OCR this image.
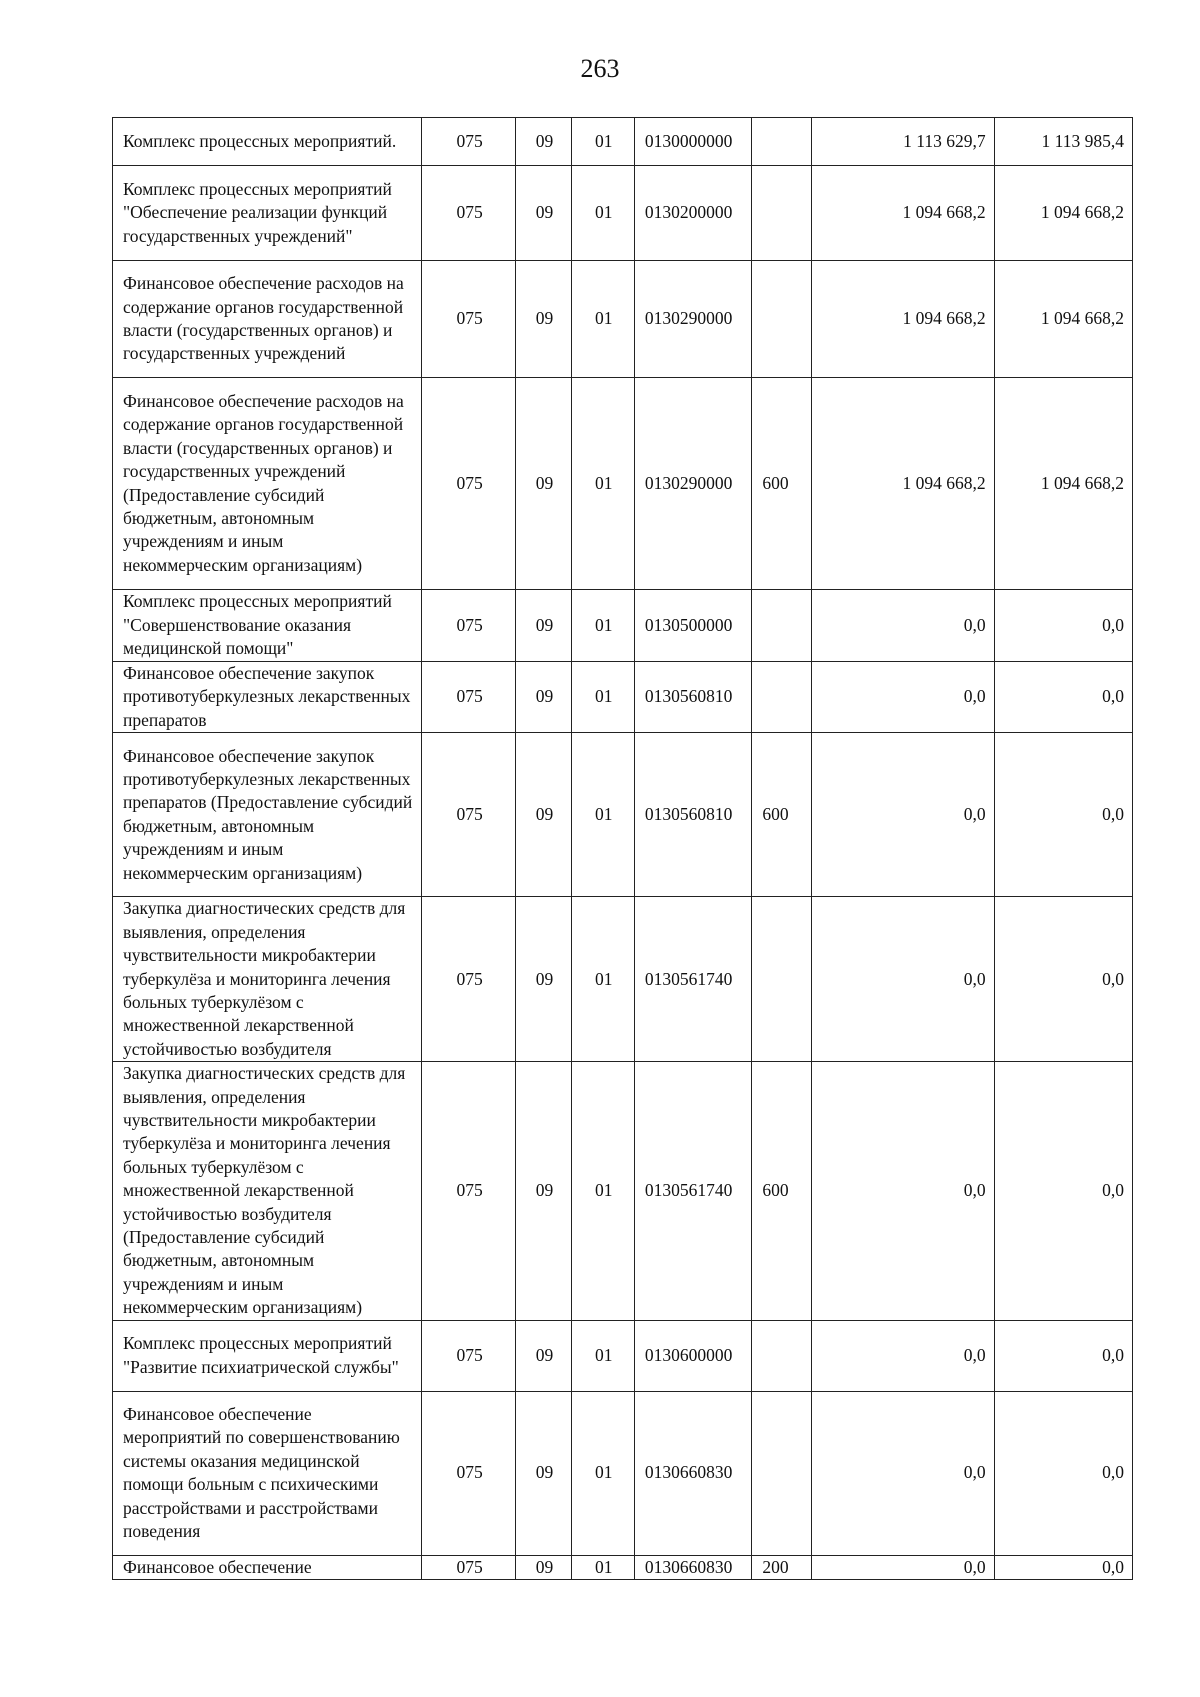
263
Комплекс процессных мероприятий.	075	09	01	0130000000		1 113 629,7	1 113 985,4
Комплекс процессных мероприятий "Обеспечение реализации функций государственных учреждений"	075	09	01	0130200000		1 094 668,2	1 094 668,2
Финансовое обеспечение расходов на содержание органов государственной власти (государственных органов) и государственных учреждений	075	09	01	0130290000		1 094 668,2	1 094 668,2
Финансовое обеспечение расходов на содержание органов государственной власти (государственных органов) и государственных учреждений (Предоставление субсидий бюджетным, автономным учреждениям и иным некоммерческим организациям)	075	09	01	0130290000	600	1 094 668,2	1 094 668,2
Комплекс процессных мероприятий "Совершенствование оказания медицинской помощи"	075	09	01	0130500000		0,0	0,0
Финансовое обеспечение закупок противотуберкулезных лекарственных препаратов	075	09	01	0130560810		0,0	0,0
Финансовое обеспечение закупок противотуберкулезных лекарственных препаратов (Предоставление субсидий бюджетным, автономным учреждениям и иным некоммерческим организациям)	075	09	01	0130560810	600	0,0	0,0
Закупка диагностических средств для выявления, определения чувствительности микробактерии туберкулёза и мониторинга лечения больных туберкулёзом с множественной лекарственной устойчивостью возбудителя	075	09	01	0130561740		0,0	0,0
Закупка диагностических средств для выявления, определения чувствительности микробактерии туберкулёза и мониторинга лечения больных туберкулёзом с множественной лекарственной устойчивостью возбудителя (Предоставление субсидий бюджетным, автономным учреждениям и иным некоммерческим организациям)	075	09	01	0130561740	600	0,0	0,0
Комплекс процессных мероприятий "Развитие психиатрической службы"	075	09	01	0130600000		0,0	0,0
Финансовое обеспечение мероприятий по совершенствованию системы оказания медицинской помощи больным с психическими расстройствами и расстройствами поведения	075	09	01	0130660830		0,0	0,0
Финансовое обеспечение	075	09	01	0130660830	200	0,0	0,0
